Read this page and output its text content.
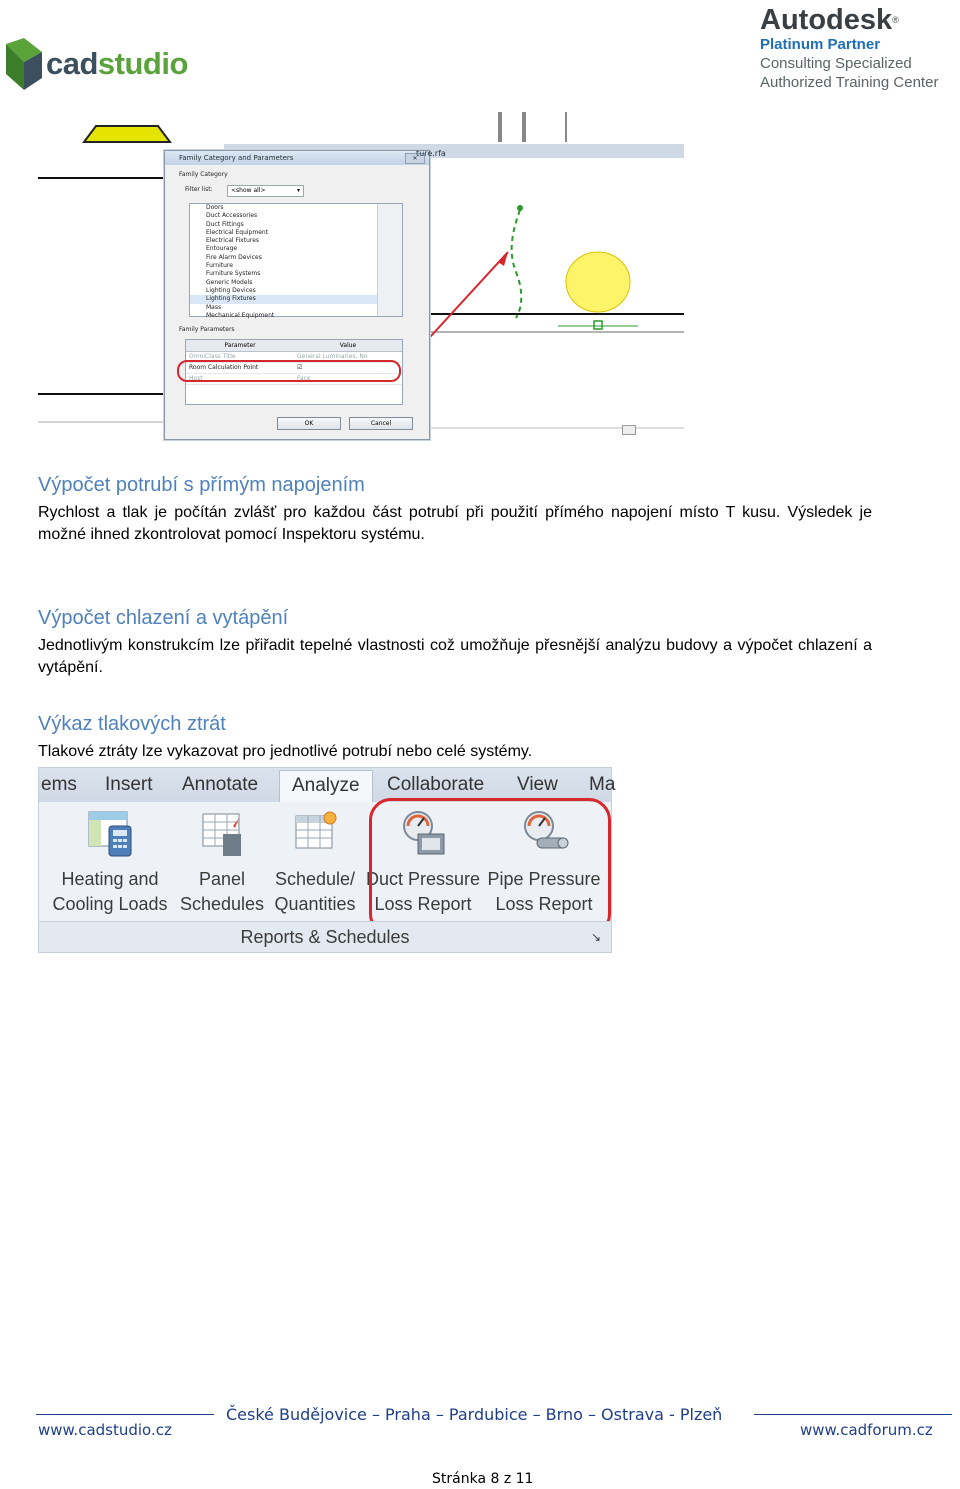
cadstudio
Autodesk®
Platinum Partner
Consulting Specialized
Authorized Training Center
Family Category and Parameters	✕
Family Category
Filter list:	<show all>	▾
Doors
Duct Accessories
Duct Fittings
Electrical Equipment
Electrical Fixtures
Entourage
Fire Alarm Devices
Furniture
Furniture Systems
Generic Models
Lighting Devices
Lighting Fixtures
Mass
Mechanical Equipment
Family Parameters
Parameter	Value
OmniClass Title	General Luminaries, No
Room Calculation Point	☑
Host	Face
OK	Cancel
ture.rfa
Výpočet potrubí s přímým napojením
Rychlost a tlak je počítán zvlášť pro každou část potrubí při použití přímého napojení místo T kusu. Výsledek je možné ihned zkontrolovat pomocí Inspektoru systému.
Výpočet chlazení a vytápění
Jednotlivým konstrukcím lze přiřadit tepelné vlastnosti což umožňuje přesnější analýzu budovy a výpočet chlazení a vytápění.
Výkaz tlakových ztrát
Tlakové ztráty lze vykazovat pro jednotlivé potrubí nebo celé systémy.
ems Insert Annotate	Analyze	Collaborate View Ma
Heating and
Cooling Loads
Panel
Schedules
Schedule/
Quantities
Duct Pressure
Loss Report
Pipe Pressure
Loss Report
Reports & Schedules	↘
České Budějovice – Praha – Pardubice – Brno – Ostrava - Plzeň
www.cadstudio.cz	www.cadforum.cz
Stránka 8 z 11
